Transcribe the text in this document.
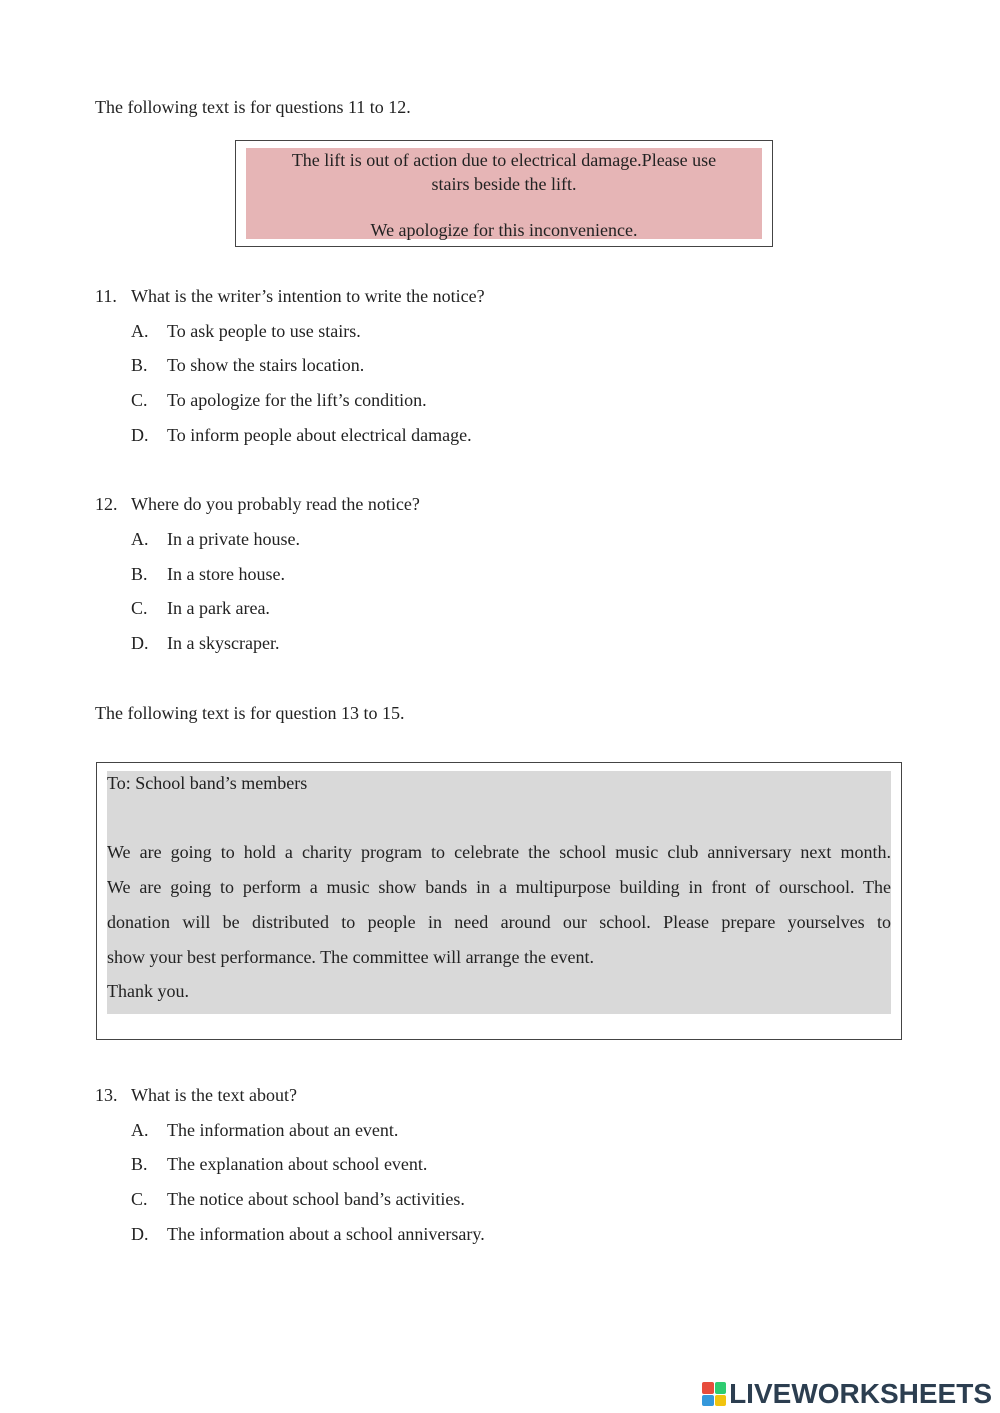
The following text is for questions 11 to 12.
The lift is out of action due to electrical damage.Please use
stairs beside the lift.
We apologize for this inconvenience.
11. What is the writer’s intention to write the notice?
A. To ask people to use stairs.
B. To show the stairs location.
C. To apologize for the lift’s condition.
D. To inform people about electrical damage.
12. Where do you probably read the notice?
A. In a private house.
B. In a store house.
C. In a park area.
D. In a skyscraper.
The following text is for question 13 to 15.
To: School band’s members
We are going to hold a charity program to celebrate the school music club anniversary next month.
We are going to perform a music show bands in a multipurpose building in front of ourschool. The
donation will be distributed to people in need around our school. Please prepare yourselves to
show your best performance. The committee will arrange the event.
Thank you.
13. What is the text about?
A. The information about an event.
B. The explanation about school event.
C. The notice about school band’s activities.
D. The information about a school anniversary.
LIVEWORKSHEETS
